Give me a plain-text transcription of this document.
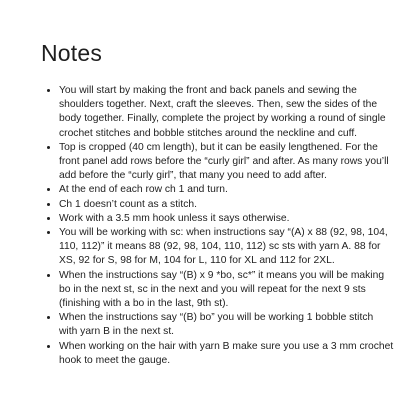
Notes
• You will start by making the front and back panels and sewing the shoulders together. Next, craft the sleeves. Then, sew the sides of the body together. Finally, complete the project by working a round of single crochet stitches and bobble stitches around the neckline and cuff.
• Top is cropped (40 cm length), but it can be easily lengthened. For the front panel add rows before the “curly girl” and after. As many rows you’ll add before the “curly girl”, that many you need to add after.
• At the end of each row ch 1 and turn.
• Ch 1 doesn’t count as a stitch.
• Work with a 3.5 mm hook unless it says otherwise.
• You will be working with sc: when instructions say “(A) x 88 (92, 98, 104, 110, 112)” it means 88 (92, 98, 104, 110, 112) sc sts with yarn A. 88 for XS, 92 for S, 98 for M, 104 for L, 110 for XL and 112 for 2XL.
• When the instructions say “(B) x 9 *bo, sc*” it means you will be making bo in the next st, sc in the next and you will repeat for the next 9 sts (finishing with a bo in the last, 9th st).
• When the instructions say “(B) bo” you will be working 1 bobble stitch with yarn B in the next st.
• When working on the hair with yarn B make sure you use a 3 mm crochet hook to meet the gauge.
